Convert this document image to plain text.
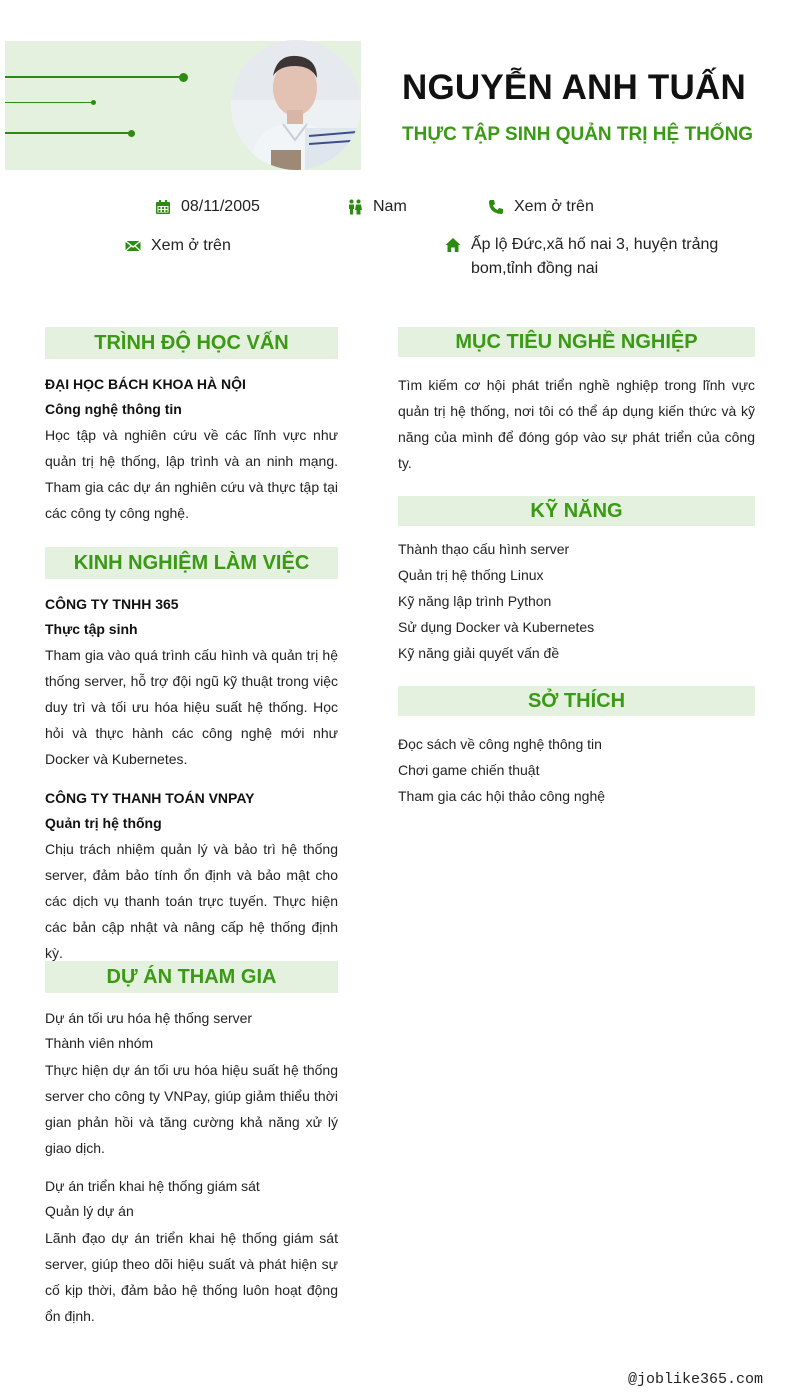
NGUYỄN ANH TUẤN
THỰC TẬP SINH QUẢN TRỊ HỆ THỐNG
08/11/2005	Nam	Xem ở trên
Xem ở trên	Ấp lộ Đức,xã hố nai 3, huyện trảng bom,tỉnh đồng nai
TRÌNH ĐỘ HỌC VẤN
ĐẠI HỌC BÁCH KHOA HÀ NỘI
Công nghệ thông tin
Học tập và nghiên cứu về các lĩnh vực như quản trị hệ thống, lập trình và an ninh mạng. Tham gia các dự án nghiên cứu và thực tập tại các công ty công nghệ.
KINH NGHIỆM LÀM VIỆC
CÔNG TY TNHH 365
Thực tập sinh
Tham gia vào quá trình cấu hình và quản trị hệ thống server, hỗ trợ đội ngũ kỹ thuật trong việc duy trì và tối ưu hóa hiệu suất hệ thống. Học hỏi và thực hành các công nghệ mới như Docker và Kubernetes.
CÔNG TY THANH TOÁN VNPAY
Quản trị hệ thống
Chịu trách nhiệm quản lý và bảo trì hệ thống server, đảm bảo tính ổn định và bảo mật cho các dịch vụ thanh toán trực tuyến. Thực hiện các bản cập nhật và nâng cấp hệ thống định kỳ.
DỰ ÁN THAM GIA
Dự án tối ưu hóa hệ thống server
Thành viên nhóm
Thực hiện dự án tối ưu hóa hiệu suất hệ thống server cho công ty VNPay, giúp giảm thiểu thời gian phản hồi và tăng cường khả năng xử lý giao dịch.
Dự án triển khai hệ thống giám sát
Quản lý dự án
Lãnh đạo dự án triển khai hệ thống giám sát server, giúp theo dõi hiệu suất và phát hiện sự cố kịp thời, đảm bảo hệ thống luôn hoạt động ổn định.
MỤC TIÊU NGHỀ NGHIỆP
Tìm kiếm cơ hội phát triển nghề nghiệp trong lĩnh vực quản trị hệ thống, nơi tôi có thể áp dụng kiến thức và kỹ năng của mình để đóng góp vào sự phát triển của công ty.
KỸ NĂNG
Thành thạo cấu hình server
Quản trị hệ thống Linux
Kỹ năng lập trình Python
Sử dụng Docker và Kubernetes
Kỹ năng giải quyết vấn đề
SỞ THÍCH
Đọc sách về công nghệ thông tin
Chơi game chiến thuật
Tham gia các hội thảo công nghệ
@joblike365.com
